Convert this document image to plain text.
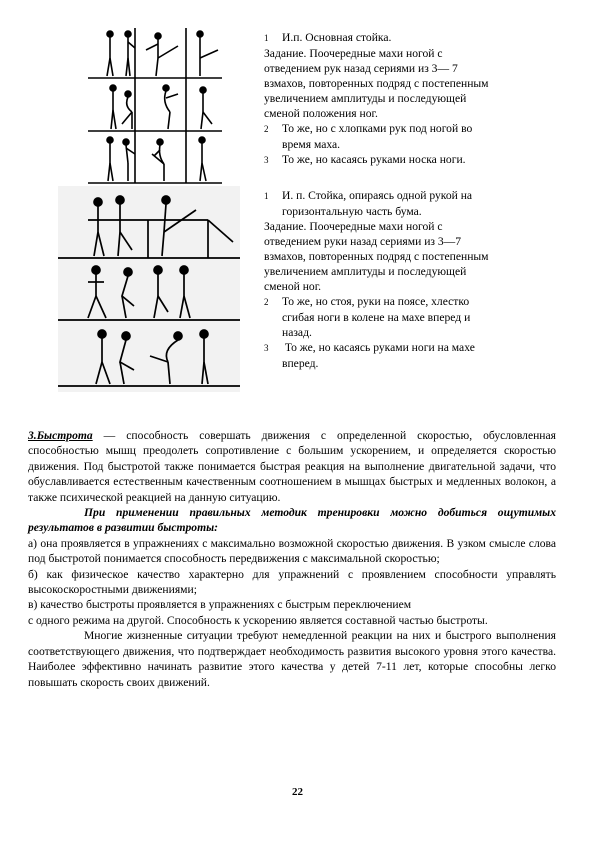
1 И.п. Основная стойка.
Задание. Поочередные махи ногой с
отведением рук назад сериями из 3— 7
взмахов, повторенных подряд с постепенным
увеличением амплитуды и последующей
сменой положения ног.
2 То же, но с хлопками рук под ногой во
время маха.
3 То же, но касаясь руками носка ноги.
1 И. п. Стойка, опираясь одной рукой на
горизонтальную часть бума.
Задание. Поочередные махи ногой с
отведением руки назад сериями из 3—7
взмахов, повторенных подряд с постепенным
увеличением амплитуды и последующей
сменой ног.
2 То же, но стоя, руки на поясе, хлестко
сгибая ноги в колене на махе вперед и
назад.
3 То же, но касаясь руками ноги на махе
вперед.

3.Быстрота — способность совершать движения с определенной скоростью, обусловленная способностью мышц преодолеть сопротивление с большим ускорением, и определяется скоростью движения. Под быстротой также понимается быстрая реакция на выполнение двигательной задачи, что обуславливается естественным качественным соотношением в мышцах быстрых и медленных волокон, а также психической реакцией на данную ситуацию.

При применении правильных методик тренировки можно добиться ощутимых результатов в развитии быстроты:

а) она проявляется в упражнениях с максимально возможной скоростью движения. В узком смысле слова под быстротой понимается способность передвижения с максимальной скоростью;

б) как физическое качество характерно для упражнений с проявлением способности управлять высокоскоростными движениями;

в) качество быстроты проявляется в упражнениях с быстрым переключением

с одного режима на другой. Способность к ускорению является составной частью быстроты.

Многие жизненные ситуации требуют немедленной реакции на них и быстрого выполнения соответствующего движения, что подтверждает необходимость развития высокого уровня этого качества. Наиболее эффективно начинать развитие этого качества у детей 7-11 лет, которые способны легко повышать скорость своих движений.

22
